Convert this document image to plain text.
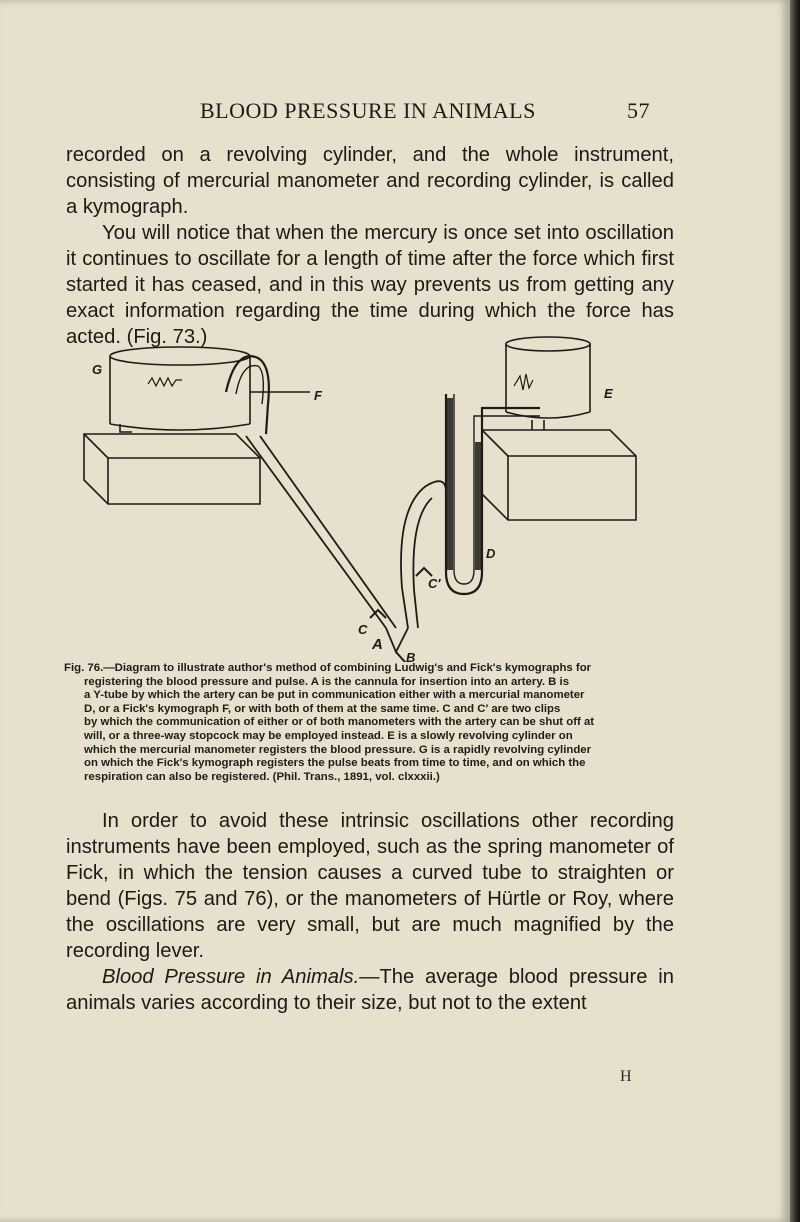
BLOOD PRESSURE IN ANIMALS	57

recorded on a revolving cylinder, and the whole instrument, consisting of mercurial manometer and recording cylinder, is called a kymograph.

You will notice that when the mercury is once set into oscillation it continues to oscillate for a length of time after the force which first started it has ceased, and in this way prevents us from getting any exact information regarding the time during which the force has acted. (Fig. 73.)

G
F	E
D
C′
C
B
A
Fig. 76.—Diagram to illustrate author's method of combining Ludwig's and Fick's kymographs for
registering the blood pressure and pulse. A is the cannula for insertion into an artery. B is
a Y-tube by which the artery can be put in communication either with a mercurial manometer
D, or a Fick's kymograph F, or with both of them at the same time. C and C′ are two clips
by which the communication of either or of both manometers with the artery can be shut off at
will, or a three-way stopcock may be employed instead. E is a slowly revolving cylinder on
which the mercurial manometer registers the blood pressure. G is a rapidly revolving cylinder
on which the Fick's kymograph registers the pulse beats from time to time, and on which the
respiration can also be registered. (Phil. Trans., 1891, vol. clxxxii.)

In order to avoid these intrinsic oscillations other recording instruments have been employed, such as the spring manometer of Fick, in which the tension causes a curved tube to straighten or bend (Figs. 75 and 76), or the manometers of Hürtle or Roy, where the oscillations are very small, but are much magnified by the recording lever.

Blood Pressure in Animals.—The average blood pressure in animals varies according to their size, but not to the extent

H
